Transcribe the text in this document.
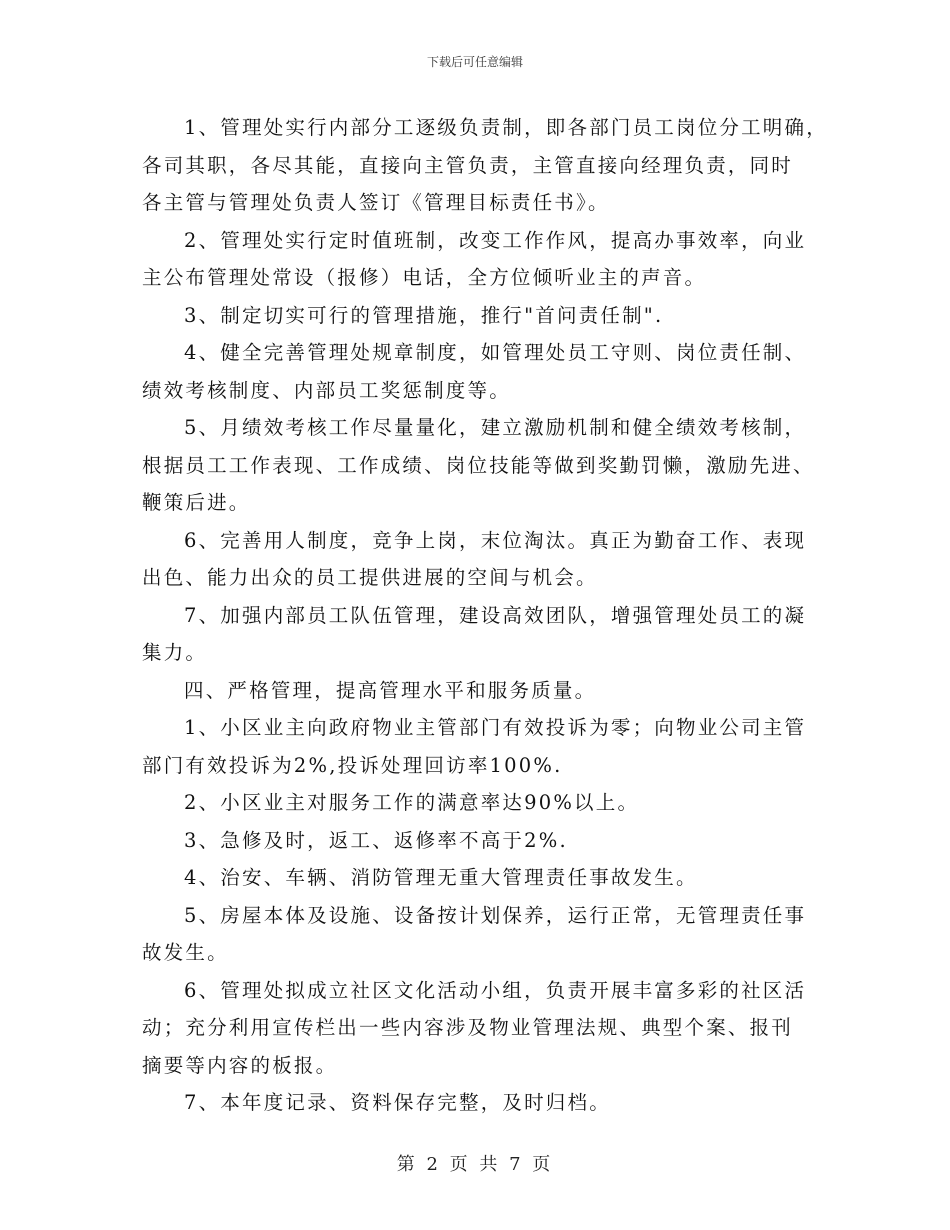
下载后可任意编辑
1、管理处实行内部分工逐级负责制，即各部门员工岗位分工明确，
各司其职，各尽其能，直接向主管负责，主管直接向经理负责，同时
各主管与管理处负责人签订《管理目标责任书》。
2、管理处实行定时值班制，改变工作作风，提高办事效率，向业
主公布管理处常设（报修）电话，全方位倾听业主的声音。
3、制定切实可行的管理措施，推行"首问责任制".
4、健全完善管理处规章制度，如管理处员工守则、岗位责任制、
绩效考核制度、内部员工奖惩制度等。
5、月绩效考核工作尽量量化，建立激励机制和健全绩效考核制，
根据员工工作表现、工作成绩、岗位技能等做到奖勤罚懒，激励先进、
鞭策后进。
6、完善用人制度，竞争上岗，末位淘汰。真正为勤奋工作、表现
出色、能力出众的员工提供进展的空间与机会。
7、加强内部员工队伍管理，建设高效团队，增强管理处员工的凝
集力。
四、严格管理，提高管理水平和服务质量。
1、小区业主向政府物业主管部门有效投诉为零；向物业公司主管
部门有效投诉为2%,投诉处理回访率100%.
2、小区业主对服务工作的满意率达90%以上。
3、急修及时，返工、返修率不高于2%.
4、治安、车辆、消防管理无重大管理责任事故发生。
5、房屋本体及设施、设备按计划保养，运行正常，无管理责任事
故发生。
6、管理处拟成立社区文化活动小组，负责开展丰富多彩的社区活
动；充分利用宣传栏出一些内容涉及物业管理法规、典型个案、报刊
摘要等内容的板报。
7、本年度记录、资料保存完整，及时归档。
第 2 页 共 7 页
